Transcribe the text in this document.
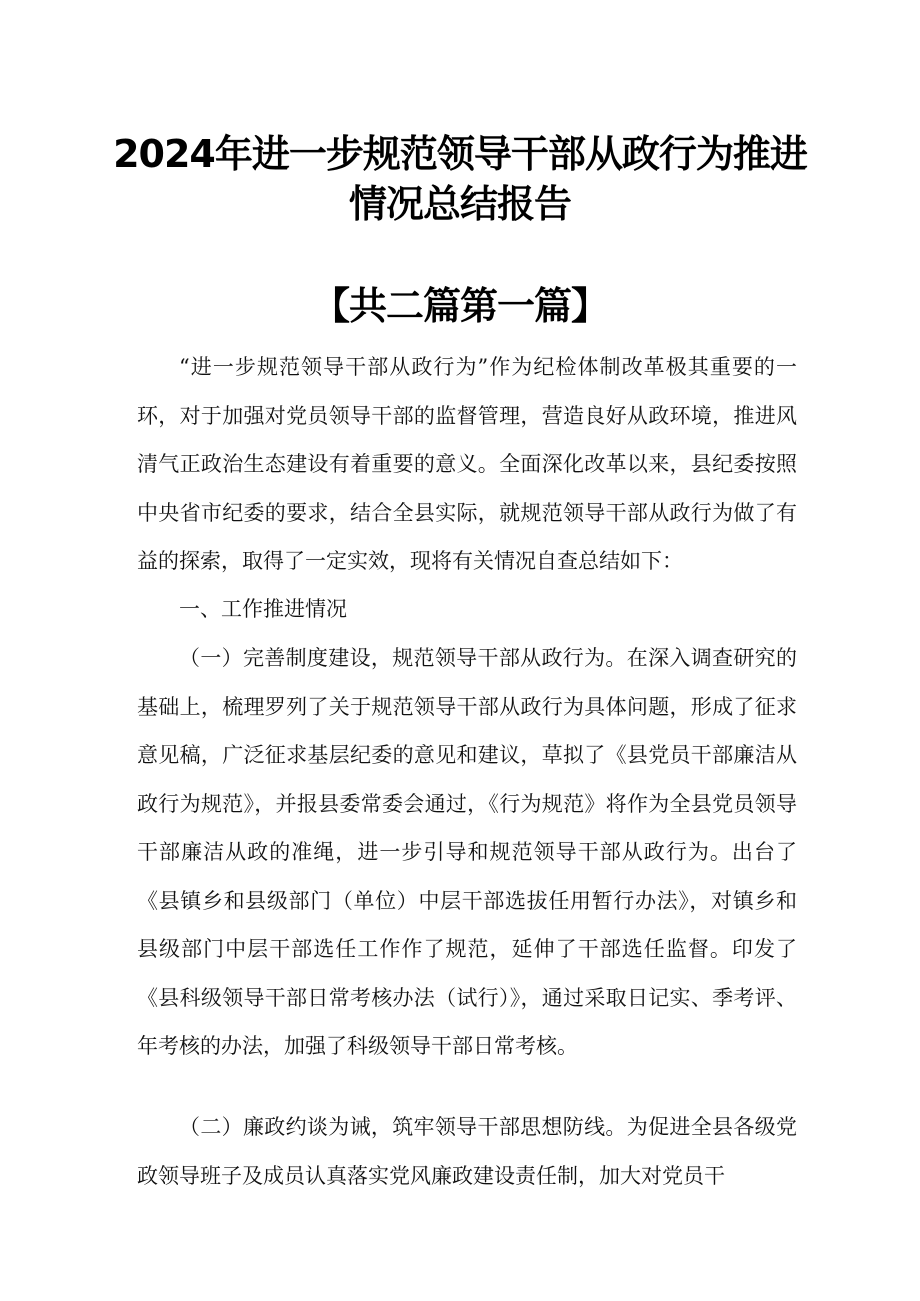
2024年进一步规范领导干部从政行为推进
情况总结报告
【共二篇第一篇】

“进一步规范领导干部从政行为”作为纪检体制改革极其重要的一环，对于加强对党员领导干部的监督管理，营造良好从政环境，推进风清气正政治生态建设有着重要的意义。全面深化改革以来，县纪委按照中央省市纪委的要求，结合全县实际，就规范领导干部从政行为做了有益的探索，取得了一定实效，现将有关情况自查总结如下：

一、工作推进情况

（一）完善制度建设，规范领导干部从政行为。在深入调查研究的基础上，梳理罗列了关于规范领导干部从政行为具体问题，形成了征求意见稿，广泛征求基层纪委的意见和建议，草拟了《县党员干部廉洁从政行为规范》，并报县委常委会通过，《行为规范》将作为全县党员领导干部廉洁从政的准绳，进一步引导和规范领导干部从政行为。出台了《县镇乡和县级部门（单位）中层干部选拔任用暂行办法》，对镇乡和县级部门中层干部选任工作作了规范，延伸了干部选任监督。印发了《县科级领导干部日常考核办法（试行）》，通过采取日记实、季考评、年考核的办法，加强了科级领导干部日常考核。

（二）廉政约谈为诫，筑牢领导干部思想防线。为促进全县各级党政领导班子及成员认真落实党风廉政建设责任制，加大对党员干
